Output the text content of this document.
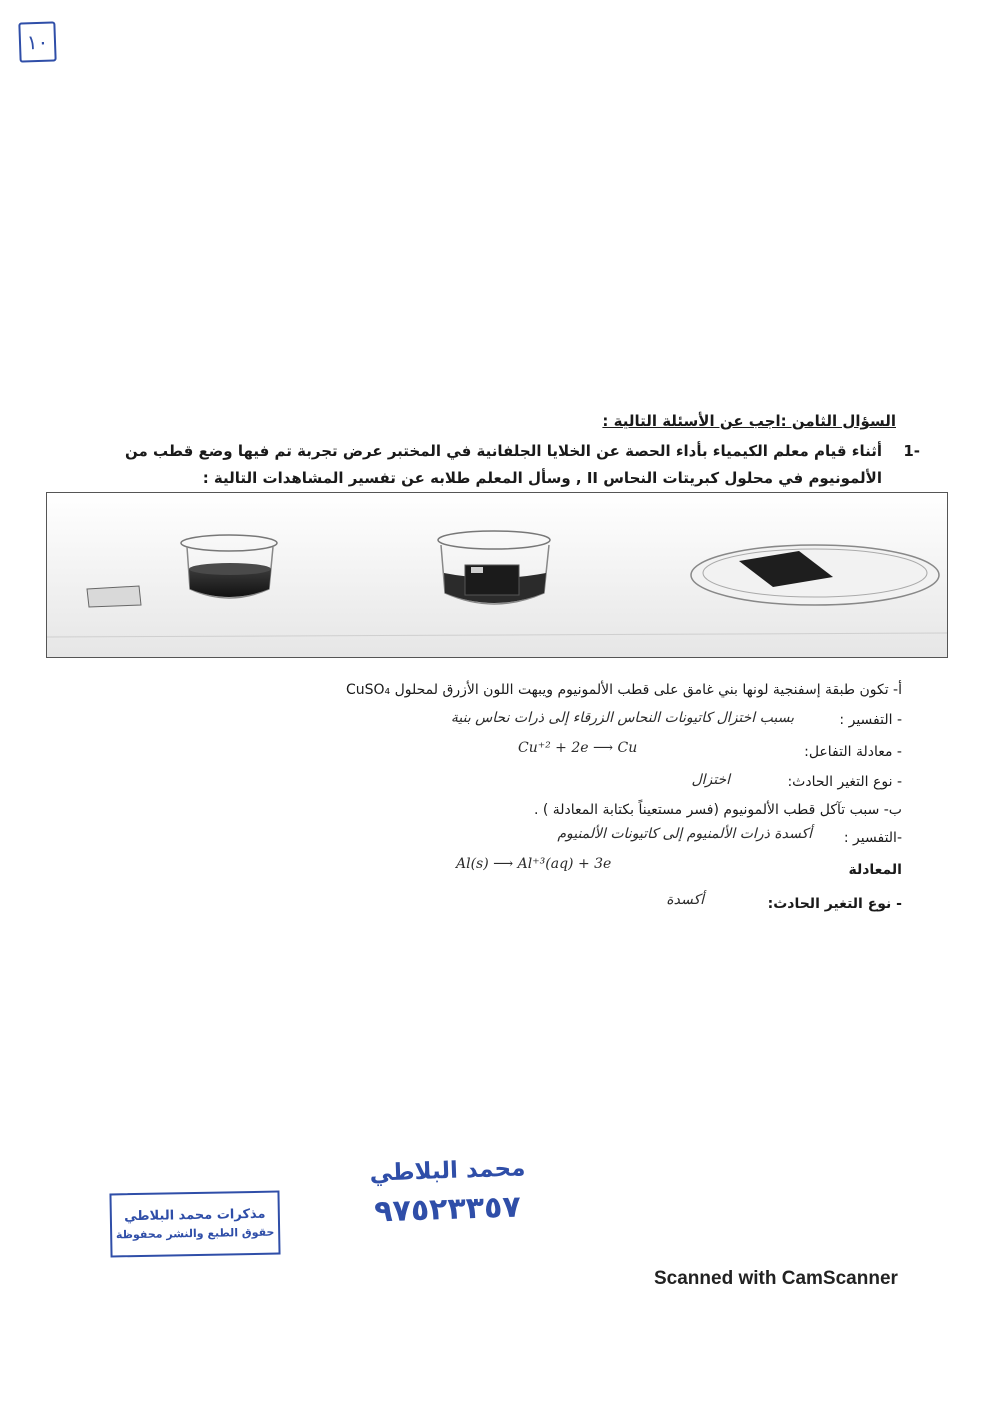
١٠
السؤال الثامن :اجب عن الأسئلة التالية :
1-
أثناء قيام معلم الكيمياء بأداء الحصة عن الخلايا الجلفانية في المختبر عرض تجربة تم فيها وضع قطب من
الألمونيوم في محلول كبريتات النحاس II , وسأل المعلم طلابه عن تفسير المشاهدات التالية :
أ- تكون طبقة إسفنجية لونها بني غامق على قطب الألمونيوم ويبهت اللون الأزرق لمحلول CuSO₄
- التفسير :
بسبب اختزال كاتيونات النحاس الزرقاء إلى ذرات نحاس بنية
- معادلة التفاعل:
Cu⁺² + 2e ⟶ Cu
- نوع التغير الحادث:
اختزال
ب- سبب تآكل قطب الألمونيوم (فسر مستعيناً بكتابة المعادلة ) .
-التفسير :
أكسدة ذرات الألمنيوم إلى كاتيونات الألمنيوم
المعادلة
Al(s) ⟶ Al⁺³(aq) + 3e
- نوع التغير الحادث:
أكسدة
مذكرات محمد البلاطي
حقوق الطبع والنشر محفوظة
محمد البلاطي
٩٧٥٢٣٣٥٧
Scanned with CamScanner
